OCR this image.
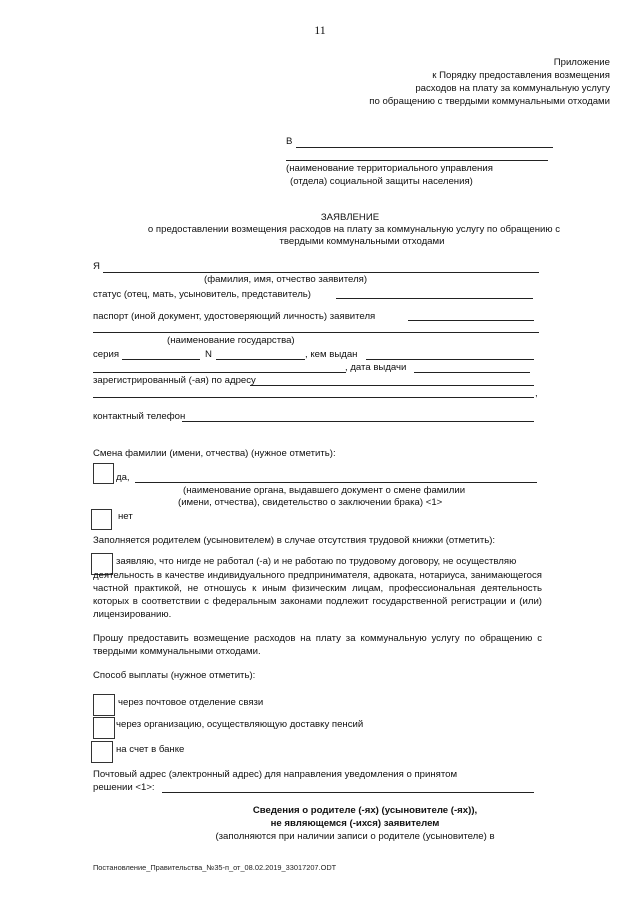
11
Приложение
к Порядку предоставления возмещения
расходов на плату за коммунальную услугу
по обращению с твердыми коммунальными отходами
В
(наименование территориального управления
(отдела) социальной защиты населения)
ЗАЯВЛЕНИЕ
о предоставлении возмещения расходов на плату за коммунальную услугу по обращению с
твердыми коммунальными отходами
Я
(фамилия, имя, отчество заявителя)
статус (отец, мать, усыновитель, представитель)
паспорт (иной документ, удостоверяющий личность) заявителя
(наименование государства)
серия	N	, кем выдан
, дата выдачи
зарегистрированный (-ая) по адресу
,
контактный телефон
Смена фамилии (имени, отчества) (нужное отметить):
да,
(наименование органа, выдавшего документ о смене фамилии
(имени, отчества), свидетельство о заключении брака) <1>
нет
Заполняется родителем (усыновителем) в случае отсутствия трудовой книжки (отметить):
заявляю, что нигде не работал (-а) и не работаю по трудовому договору, не осуществляю
деятельность в качестве индивидуального предпринимателя, адвоката, нотариуса, занимающегося частной практикой, не отношусь к иным физическим лицам, профессиональная деятельность которых в соответствии с федеральным законами подлежит государственной регистрации и (или) лицензированию.
Прошу предоставить возмещение расходов на плату за коммунальную услугу по обращению с твердыми коммунальными отходами.
Способ выплаты (нужное отметить):
через почтовое отделение связи
через организацию, осуществляющую доставку пенсий
на счет в банке
Почтовый адрес (электронный адрес) для направления уведомления о принятом
решении <1>:
Сведения о родителе (-ях) (усыновителе (-ях)),
не являющемся (-ихся) заявителем
(заполняются при наличии записи о родителе (усыновителе) в
Постановление_Правительства_№35-п_от_08.02.2019_33017207.ODT
